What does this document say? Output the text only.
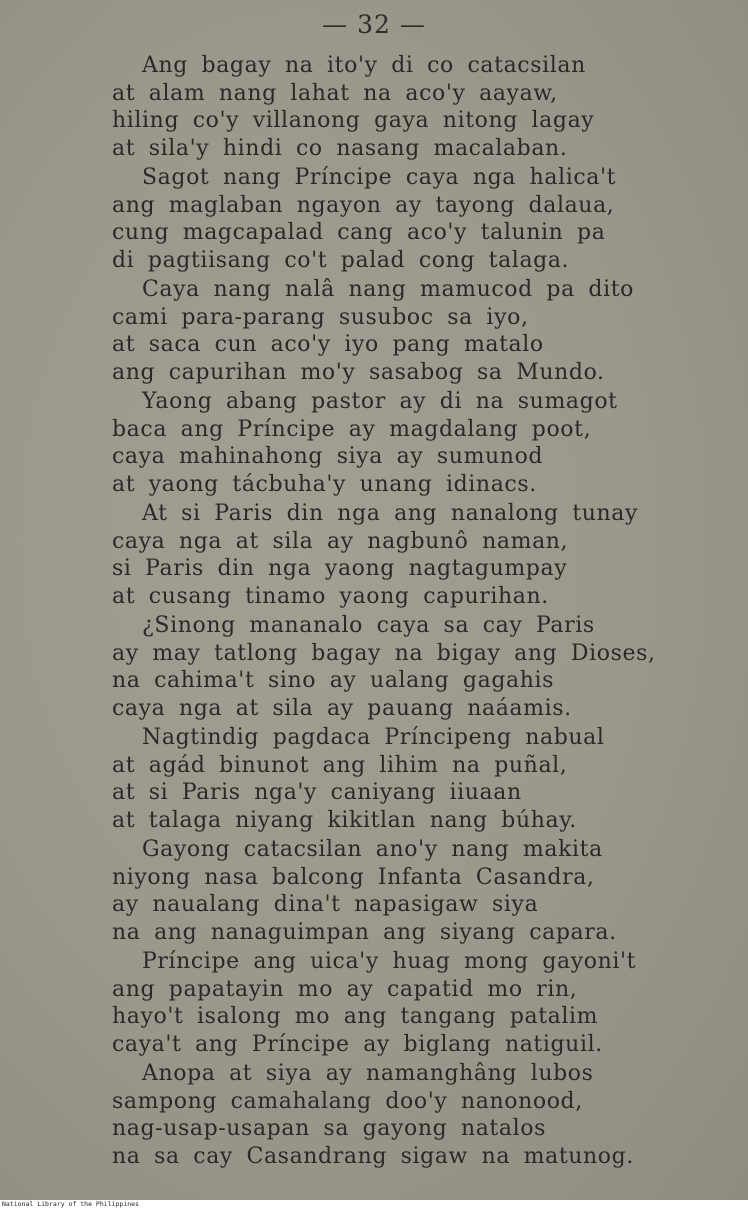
— 32 —
Ang bagay na ito'y di co catacsilan
at alam nang lahat na aco'y aayaw,
hiling co'y villanong gaya nitong lagay
at sila'y hindi co nasang macalaban.
Sagot nang Príncipe caya nga halica't
ang maglaban ngayon ay tayong dalaua,
cung magcapalad cang aco'y talunin pa
di pagtiisang co't palad cong talaga.
Caya nang nalâ nang mamucod pa dito
cami para-parang susuboc sa iyo,
at saca cun aco'y iyo pang matalo
ang capurihan mo'y sasabog sa Mundo.
Yaong abang pastor ay di na sumagot
baca ang Príncipe ay magdalang poot,
caya mahinahong siya ay sumunod
at yaong tácbuha'y unang idinacs.
At si Paris din nga ang nanalong tunay
caya nga at sila ay nagbunô naman,
si Paris din nga yaong nagtagumpay
at cusang tinamo yaong capurihan.
¿Sinong mananalo caya sa cay Paris
ay may tatlong bagay na bigay ang Dioses,
na cahima't sino ay ualang gagahis
caya nga at sila ay pauang naáamis.
Nagtindig pagdaca Príncipeng nabual
at agád binunot ang lihim na puñal,
at si Paris nga'y caniyang iiuaan
at talaga niyang kikitlan nang búhay.
Gayong catacsilan ano'y nang makita
niyong nasa balcong Infanta Casandra,
ay naualang dina't napasigaw siya
na ang nanaguimpan ang siyang capara.
Príncipe ang uica'y huag mong gayoni't
ang papatayin mo ay capatid mo rin,
hayo't isalong mo ang tangang patalim
caya't ang Príncipe ay biglang natiguil.
Anopa at siya ay namanghâng lubos
sampong camahalang doo'y nanonood,
nag-usap-usapan sa gayong natalos
na sa cay Casandrang sigaw na matunog.
National Library of the Philippines
